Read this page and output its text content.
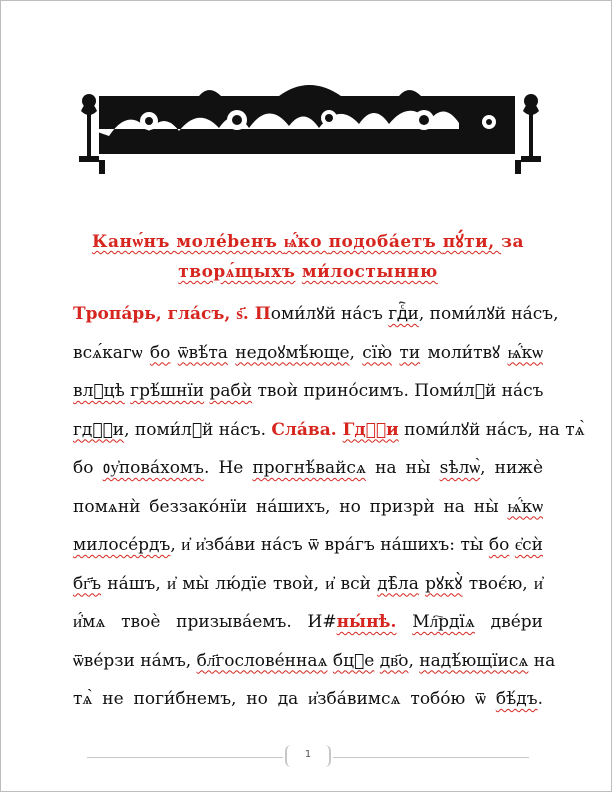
Канѡ́нъ молébенъ ѩ҆́ко подоба́етъ пꙋ́ти, за
творѧ́щыхъ ми́лостынню
Тропа́рь, гла́съ, ѕ҃. Поми́лꙋй на́съ гдⷭ҇и, поми́лꙋй на́съ,
всѧ́кагѡ бо ѿвѣ́та недоꙋмѣ́юще, сїю̀ ти моли́твꙋ ѩ҆́кѡ
влⷣцѣ грѣ́шнїи рабѝ твоѝ прино́симъ. Поми́лꙋй на́съ
гдⷭ҇и, поми́лꙋй на́съ. Сла́ва. Гдⷭ҇и поми́лꙋй на́съ, на тѧ̀
бо ᲂу҆пова́хомъ. Не прогнѣ́вайсѧ на ны̀ ѕѣлѡ̀, нижѐ
помѧнѝ беззако́нїи на́шихъ, но призрѝ на ны̀ ѩ҆́кѡ
милосе́рдъ, и҆ и҆зба́ви на́съ ѿ вра́гъ на́шихъ: ты̀ бо є҆сѝ
бг҃ъ на́шъ, и҆ мы̀ лю́дїе твоѝ, и҆ всѝ дѣ̑ла рꙋкꙋ̀ твоє́ю, и҆
и҆́мѧ твоѐ призыва́емъ. И#ны́нѣ. Мл҇рдїѧ две́ри
ѿве́рзи на́мъ, бл҃гослове́ннаѧ бцⷣе дв҃о, надѣ́ющїисѧ на
тѧ̀ не поги́бнемъ, но да и҆зба́вимсѧ тобо́ю ѿ бѣ́дъ.
1
